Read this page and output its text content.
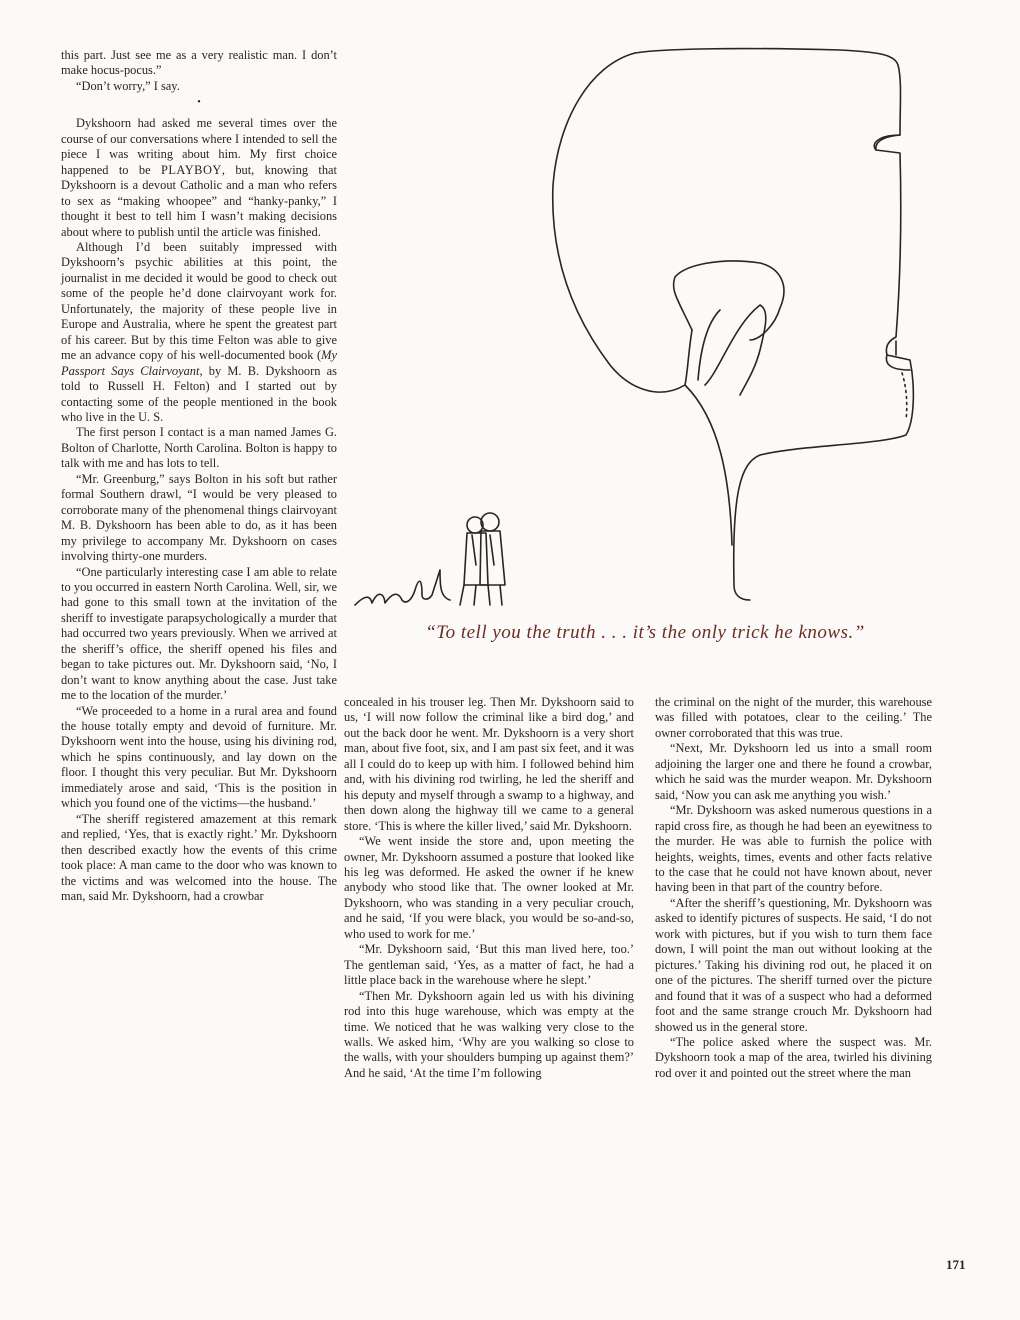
this part. Just see me as a very realistic man. I don’t make hocus-pocus.”

“Don’t worry,” I say.

•

Dykshoorn had asked me several times over the course of our conversations where I intended to sell the piece I was writing about him. My first choice happened to be PLAYBOY, but, knowing that Dykshoorn is a devout Catholic and a man who refers to sex as “making whoopee” and “hanky-panky,” I thought it best to tell him I wasn’t making decisions about where to publish until the article was finished.

Although I’d been suitably impressed with Dykshoorn’s psychic abilities at this point, the journalist in me decided it would be good to check out some of the people he’d done clairvoyant work for. Unfortunately, the majority of these people live in Europe and Australia, where he spent the greatest part of his career. But by this time Felton was able to give me an advance copy of his well-documented book (My Passport Says Clairvoyant, by M. B. Dykshoorn as told to Russell H. Felton) and I started out by contacting some of the people mentioned in the book who live in the U. S.

The first person I contact is a man named James G. Bolton of Charlotte, North Carolina. Bolton is happy to talk with me and has lots to tell.

“Mr. Greenburg,” says Bolton in his soft but rather formal Southern drawl, “I would be very pleased to corroborate many of the phenomenal things clairvoyant M. B. Dykshoorn has been able to do, as it has been my privilege to accompany Mr. Dykshoorn on cases involving thirty-one murders.

“One particularly interesting case I am able to relate to you occurred in eastern North Carolina. Well, sir, we had gone to this small town at the invitation of the sheriff to investigate parapsychologically a murder that had occurred two years previously. When we arrived at the sheriff’s office, the sheriff opened his files and began to take pictures out. Mr. Dykshoorn said, ‘No, I don’t want to know anything about the case. Just take me to the location of the murder.’

“We proceeded to a home in a rural area and found the house totally empty and devoid of furniture. Mr. Dykshoorn went into the house, using his divining rod, which he spins continuously, and lay down on the floor. I thought this very peculiar. But Mr. Dykshoorn immediately arose and said, ‘This is the position in which you found one of the victims—the husband.’

“The sheriff registered amazement at this remark and replied, ‘Yes, that is exactly right.’ Mr. Dykshoorn then described exactly how the events of this crime took place: A man came to the door who was known to the victims and was welcomed into the house. The man, said Mr. Dykshoorn, had a crowbar

“To tell you the truth . . . it’s the only trick he knows.”

concealed in his trouser leg. Then Mr. Dykshoorn said to us, ‘I will now follow the criminal like a bird dog,’ and out the back door he went. Mr. Dykshoorn is a very short man, about five foot, six, and I am past six feet, and it was all I could do to keep up with him. I followed behind him and, with his divining rod twirling, he led the sheriff and his deputy and myself through a swamp to a highway, and then down along the highway till we came to a general store. ‘This is where the killer lived,’ said Mr. Dykshoorn.

“We went inside the store and, upon meeting the owner, Mr. Dykshoorn assumed a posture that looked like his leg was deformed. He asked the owner if he knew anybody who stood like that. The owner looked at Mr. Dykshoorn, who was standing in a very peculiar crouch, and he said, ‘If you were black, you would be so-and-so, who used to work for me.’

“Mr. Dykshoorn said, ‘But this man lived here, too.’ The gentleman said, ‘Yes, as a matter of fact, he had a little place back in the warehouse where he slept.’

“Then Mr. Dykshoorn again led us with his divining rod into this huge warehouse, which was empty at the time. We noticed that he was walking very close to the walls. We asked him, ‘Why are you walking so close to the walls, with your shoulders bumping up against them?’ And he said, ‘At the time I’m following

the criminal on the night of the murder, this warehouse was filled with potatoes, clear to the ceiling.’ The owner corroborated that this was true.

“Next, Mr. Dykshoorn led us into a small room adjoining the larger one and there he found a crowbar, which he said was the murder weapon. Mr. Dykshoorn said, ‘Now you can ask me anything you wish.’

“Mr. Dykshoorn was asked numerous questions in a rapid cross fire, as though he had been an eyewitness to the murder. He was able to furnish the police with heights, weights, times, events and other facts relative to the case that he could not have known about, never having been in that part of the country before.

“After the sheriff’s questioning, Mr. Dykshoorn was asked to identify pictures of suspects. He said, ‘I do not work with pictures, but if you wish to turn them face down, I will point the man out without looking at the pictures.’ Taking his divining rod out, he placed it on one of the pictures. The sheriff turned over the picture and found that it was of a suspect who had a deformed foot and the same strange crouch Mr. Dykshoorn had showed us in the general store.

“The police asked where the suspect was. Mr. Dykshoorn took a map of the area, twirled his divining rod over it and pointed out the street where the man

171
